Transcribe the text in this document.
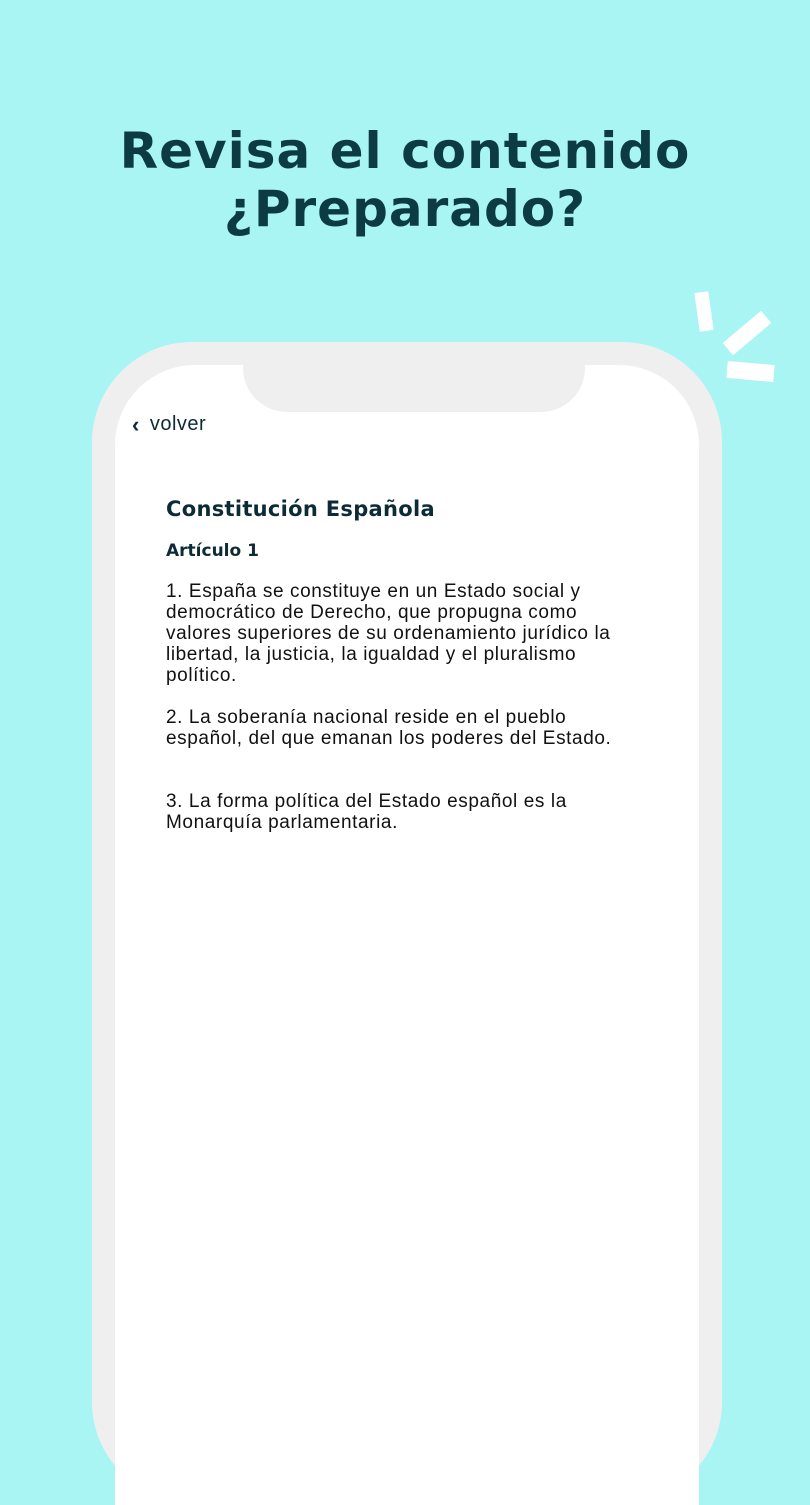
Revisa el contenido
¿Preparado?
‹ volver
Constitución Española
Artículo 1
1. España se constituye en un Estado social y democrático de Derecho, que propugna como valores superiores de su ordenamiento jurídico la libertad, la justicia, la igualdad y el pluralismo político.
2. La soberanía nacional reside en el pueblo español, del que emanan los poderes del Estado.
3. La forma política del Estado español es la Monarquía parlamentaria.
